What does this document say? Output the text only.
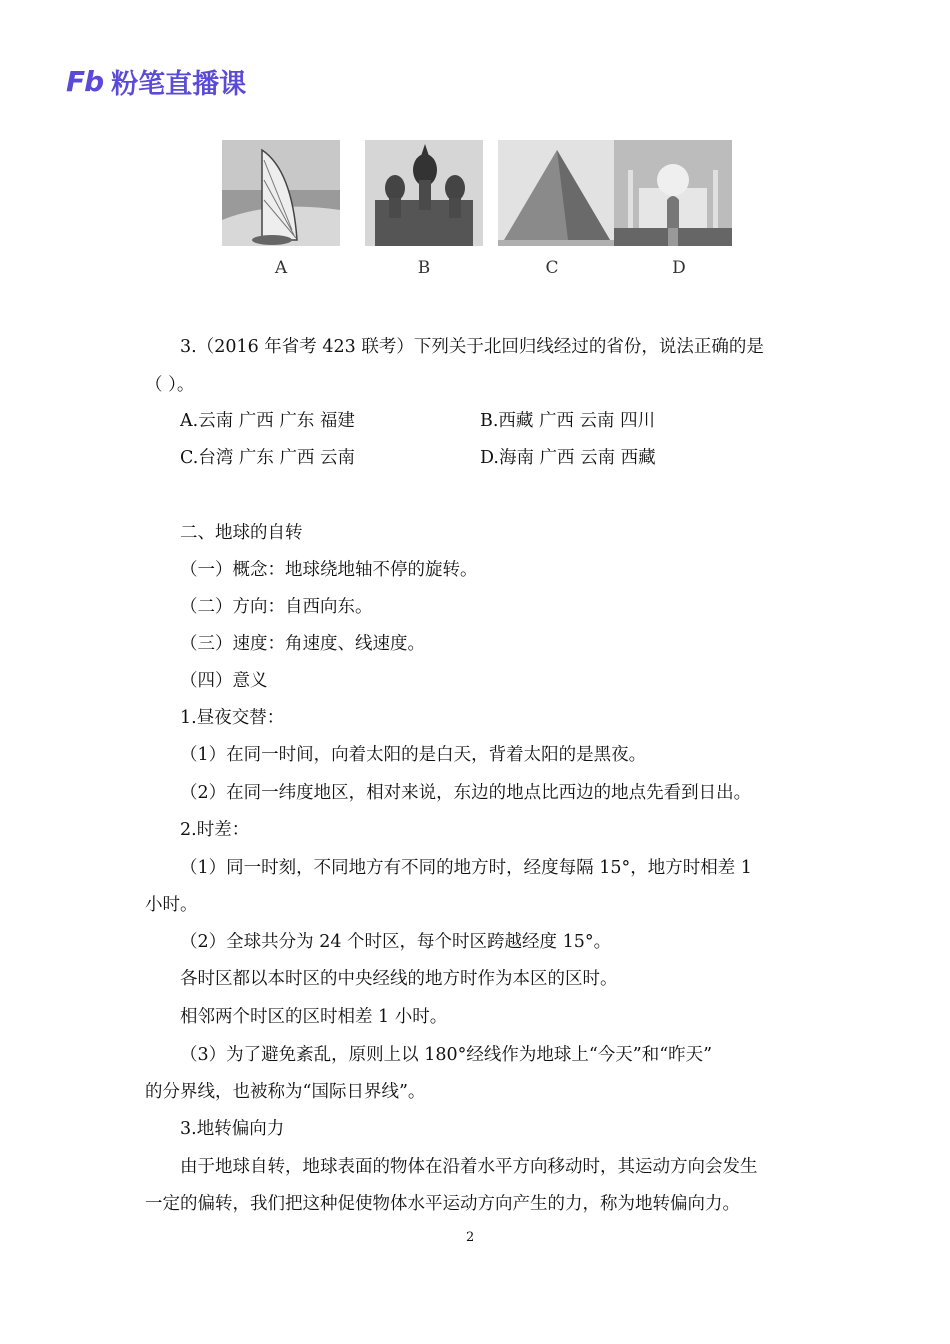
Fb 粉笔直播课
A	B	C	D
3.（2016 年省考 423 联考）下列关于北回归线经过的省份，说法正确的是
（ ）。
A.云南 广西 广东 福建	B.西藏 广西 云南 四川
C.台湾 广东 广西 云南	D.海南 广西 云南 西藏
二、地球的自转
（一）概念：地球绕地轴不停的旋转。
（二）方向：自西向东。
（三）速度：角速度、线速度。
（四）意义
1.昼夜交替：
（1）在同一时间，向着太阳的是白天，背着太阳的是黑夜。
（2）在同一纬度地区，相对来说，东边的地点比西边的地点先看到日出。
2.时差：
（1）同一时刻，不同地方有不同的地方时，经度每隔 15°，地方时相差 1
小时。
（2）全球共分为 24 个时区，每个时区跨越经度 15°。
各时区都以本时区的中央经线的地方时作为本区的区时。
相邻两个时区的区时相差 1 小时。
（3）为了避免紊乱，原则上以 180°经线作为地球上“今天”和“昨天”
的分界线，也被称为“国际日界线”。
3.地转偏向力
由于地球自转，地球表面的物体在沿着水平方向移动时，其运动方向会发生
一定的偏转，我们把这种促使物体水平运动方向产生的力，称为地转偏向力。
2
